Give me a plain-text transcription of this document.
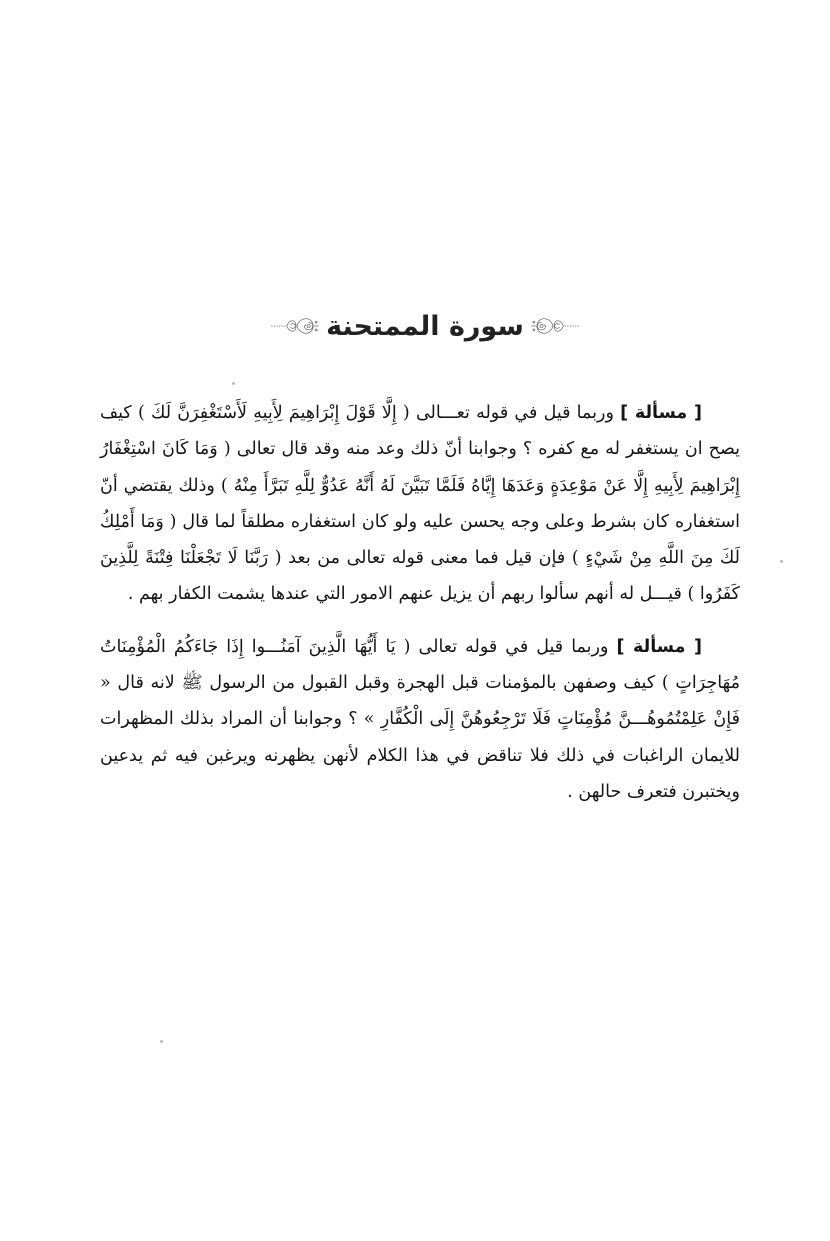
سورة الممتحنة

[ مسألة ] وربما قيل في قوله تعـــالى ( إِلَّا قَوْلَ إِبْرَاهِيمَ لِأَبِيهِ لَأَسْتَغْفِرَنَّ لَكَ ) كيف يصح ان يستغفر له مع كفره ؟ وجوابنا أنّ ذلك وعد منه وقد قال تعالى ( وَمَا كَانَ اسْتِغْفَارُ إِبْرَاهِيمَ لِأَبِيهِ إِلَّا عَنْ مَوْعِدَةٍ وَعَدَهَا إِيَّاهُ فَلَمَّا تَبَيَّنَ لَهُ أَنَّهُ عَدُوٌّ لِلَّهِ تَبَرَّأَ مِنْهُ ) وذلك يقتضي أنّ استغفاره كان بشرط وعلى وجه يحسن عليه ولو كان استغفاره مطلقاً لما قال ( وَمَا أَمْلِكُ لَكَ مِنَ اللَّهِ مِنْ شَيْءٍ ) فإن قيل فما معنى قوله تعالى من بعد ( رَبَّنَا لَا تَجْعَلْنَا فِتْنَةً لِلَّذِينَ كَفَرُوا ) قيـــل له أنهم سألوا ربهم أن يزيل عنهم الامور التي عندها يشمت الكفار بهم .

[ مسألة ] وربما قيل في قوله تعالى ( يَا أَيُّهَا الَّذِينَ آمَنُـــوا إِذَا جَاءَكُمُ الْمُؤْمِنَاتُ مُهَاجِرَاتٍ ) كيف وصفهن بالمؤمنات قبل الهجرة وقبل القبول من الرسول ﷺ لانه قال « فَإِنْ عَلِمْتُمُوهُـــنَّ مُؤْمِنَاتٍ فَلَا تَرْجِعُوهُنَّ إِلَى الْكُفَّارِ » ؟ وجوابنا أن المراد بذلك المظهرات للايمان الراغبات في ذلك فلا تناقض في هذا الكلام لأنهن يظهرنه ويرغبن فيه ثم يدعين ويختبرن فتعرف حالهن .
